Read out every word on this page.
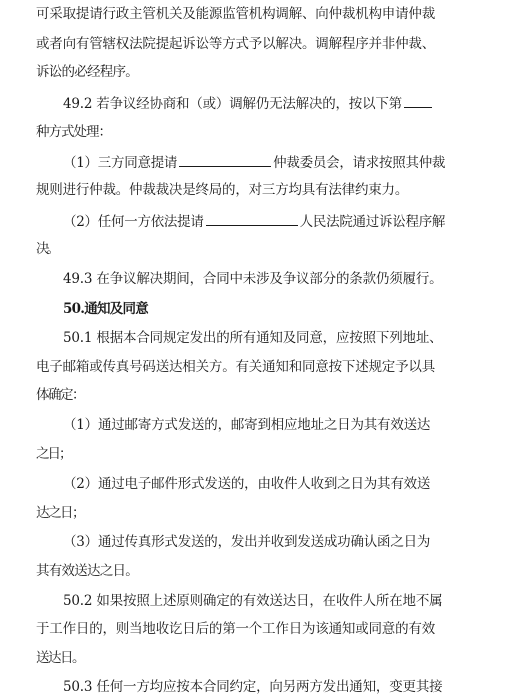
可采取提请行政主管机关及能源监管机构调解、向仲裁机构申请仲裁
或者向有管辖权法院提起诉讼等方式予以解决。调解程序并非仲裁、
诉讼的必经程序。
49.2 若争议经协商和（或）调解仍无法解决的，按以下第
种方式处理：
（1）三方同意提请	仲裁委员会，请求按照其仲裁
规则进行仲裁。仲裁裁决是终局的，对三方均具有法律约束力。
（2）任何一方依法提请	人民法院通过诉讼程序解
决。
49.3 在争议解决期间，合同中未涉及争议部分的条款仍须履行。
50.通知及同意
50.1 根据本合同规定发出的所有通知及同意，应按照下列地址、
电子邮箱或传真号码送达相关方。有关通知和同意按下述规定予以具
体确定：
（1）通过邮寄方式发送的，邮寄到相应地址之日为其有效送达
之日；
（2）通过电子邮件形式发送的，由收件人收到之日为其有效送
达之日；
（3）通过传真形式发送的，发出并收到发送成功确认函之日为
其有效送达之日。
50.2 如果按照上述原则确定的有效送达日，在收件人所在地不属
于工作日的，则当地收讫日后的第一个工作日为该通知或同意的有效
送达日。
50.3 任何一方均应按本合同约定，向另两方发出通知，变更其接
